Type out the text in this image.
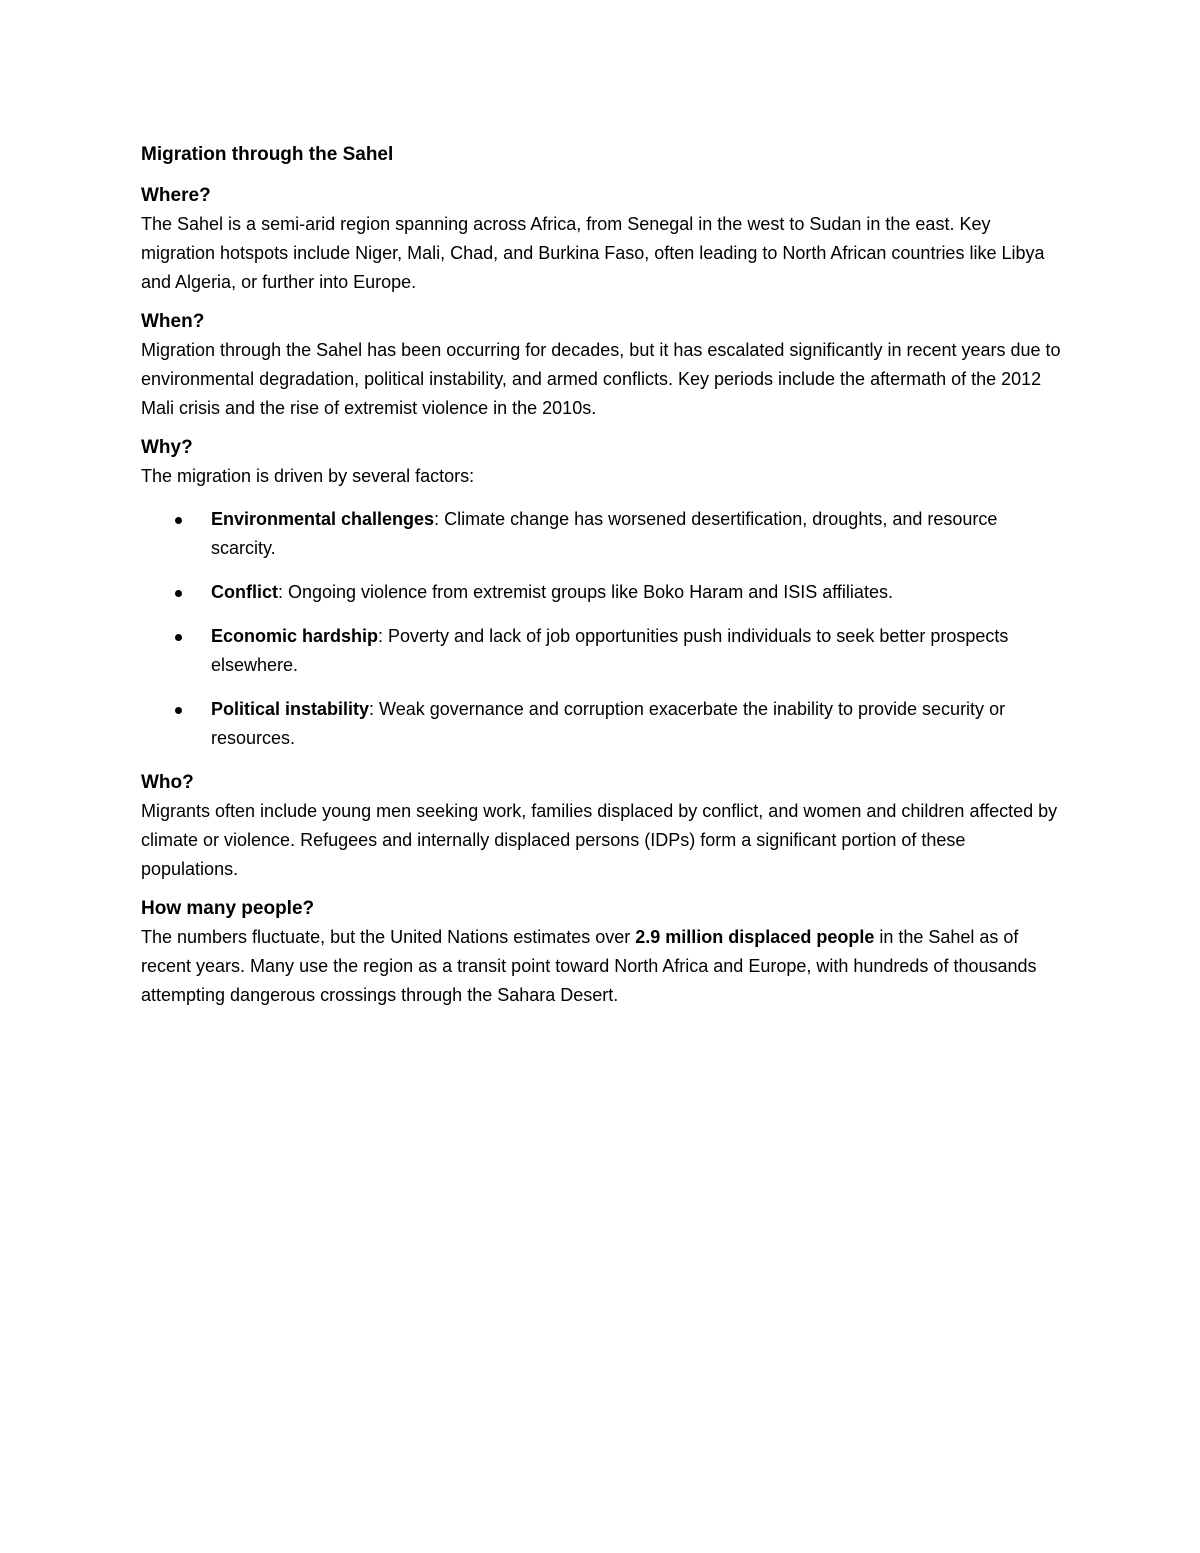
Migration through the Sahel
Where?

The Sahel is a semi-arid region spanning across Africa, from Senegal in the west to Sudan in the east. Key migration hotspots include Niger, Mali, Chad, and Burkina Faso, often leading to North African countries like Libya and Algeria, or further into Europe.

When?

Migration through the Sahel has been occurring for decades, but it has escalated significantly in recent years due to environmental degradation, political instability, and armed conflicts. Key periods include the aftermath of the 2012 Mali crisis and the rise of extremist violence in the 2010s.

Why?

The migration is driven by several factors:

Environmental challenges: Climate change has worsened desertification, droughts, and resource scarcity.
Conflict: Ongoing violence from extremist groups like Boko Haram and ISIS affiliates.
Economic hardship: Poverty and lack of job opportunities push individuals to seek better prospects elsewhere.
Political instability: Weak governance and corruption exacerbate the inability to provide security or resources.
Who?

Migrants often include young men seeking work, families displaced by conflict, and women and children affected by climate or violence. Refugees and internally displaced persons (IDPs) form a significant portion of these populations.

How many people?

The numbers fluctuate, but the United Nations estimates over 2.9 million displaced people in the Sahel as of recent years. Many use the region as a transit point toward North Africa and Europe, with hundreds of thousands attempting dangerous crossings through the Sahara Desert.
